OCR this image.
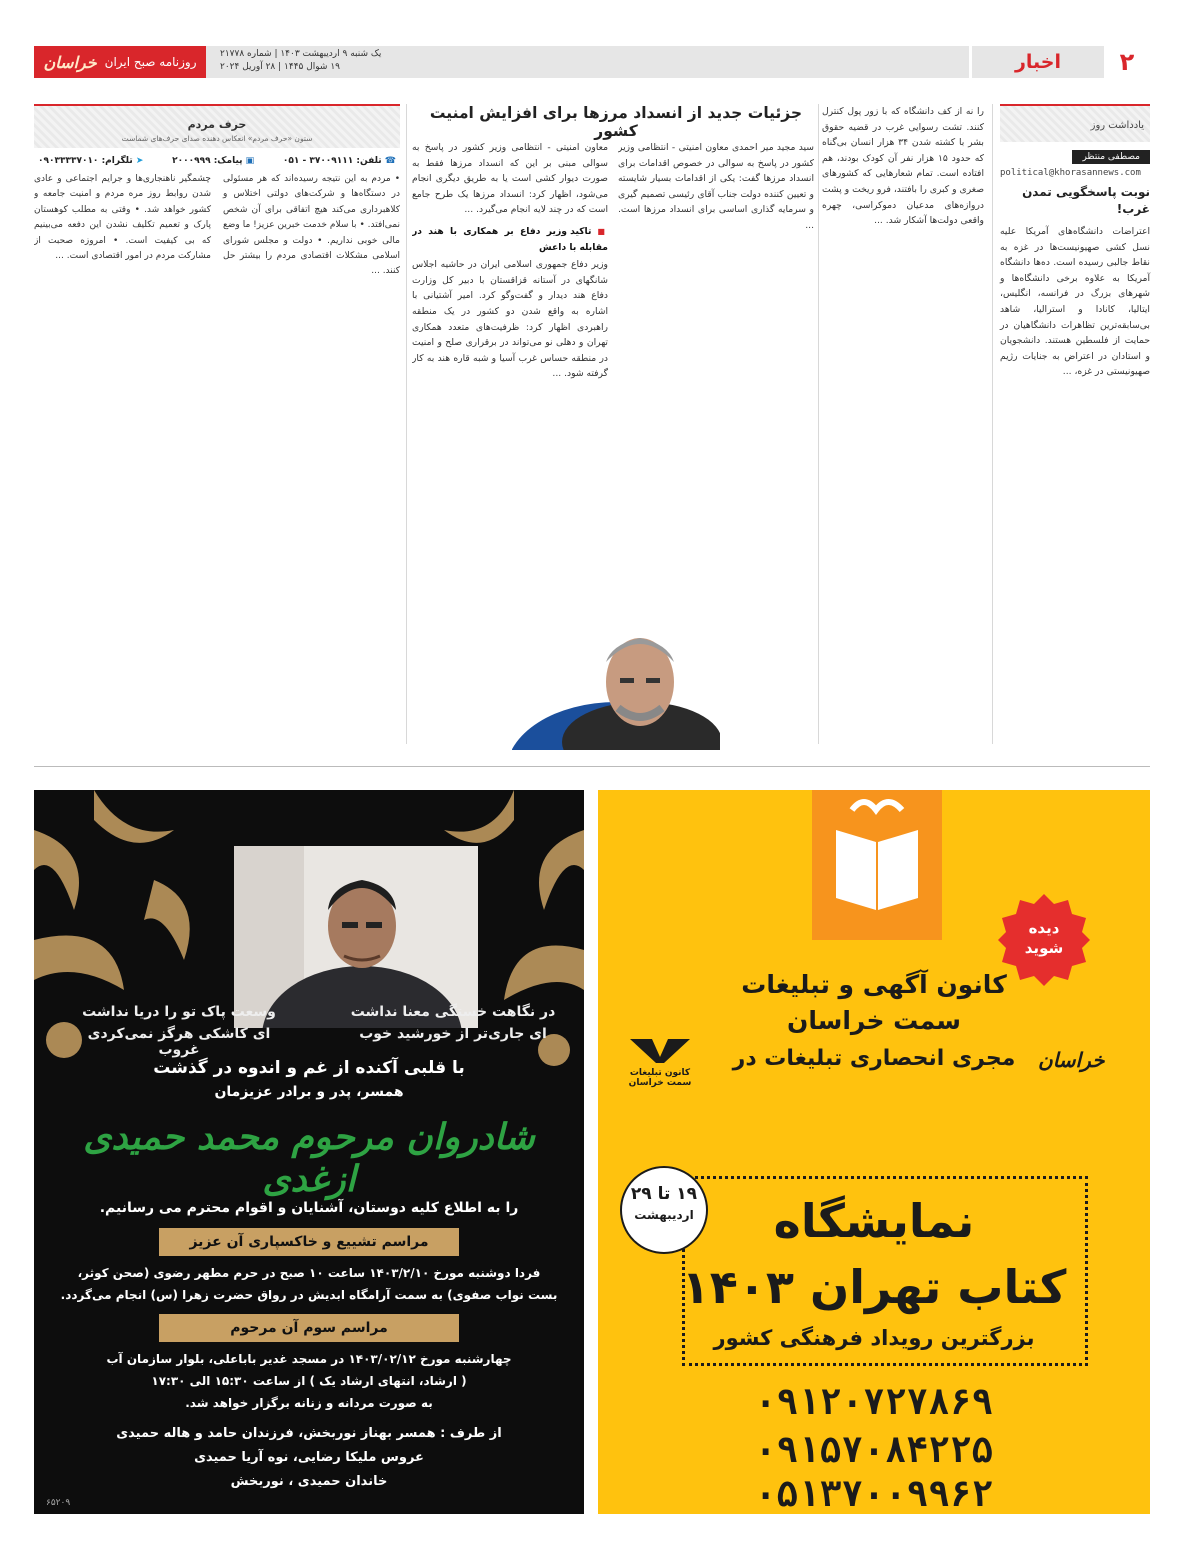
خراسان روزنامه صبح ایران
یک شنبه ۹ اردیبهشت ۱۴۰۳ | شماره ۲۱۷۷۸
۱۹ شوال ۱۴۴۵ | ۲۸ آوریل ۲۰۲۴	اخبار	۲
یادداشت روز
مصطفی منتظر
political@khorasannews.com
نوبت پاسخگویی تمدن غرب!
اعتراضات دانشگاه‌های آمریکا علیه نسل کشی صهیونیست‌ها در غزه به نقاط جالبی رسیده است. ده‌ها دانشگاه آمریکا به علاوه برخی دانشگاه‌ها و شهرهای بزرگ در فرانسه، انگلیس، ایتالیا، کانادا و استرالیا، شاهد بی‌سابقه‌ترین تظاهرات دانشگاهیان در حمایت از فلسطین هستند. دانشجویان و استادان در اعتراض به جنایات رژیم صهیونیستی در غزه، ...
را نه از کف دانشگاه که با زور پول کنترل کنند. تشت رسوایی غرب در قضیه حقوق بشر با کشته شدن ۳۴ هزار انسان بی‌گناه که حدود ۱۵ هزار نفر آن کودک بودند، هم افتاده است. تمام شعارهایی که کشورهای صغری و کبری را بافتند، فرو ریخت و پشت دروازه‌های مدعیان دموکراسی، چهره واقعی دولت‌ها آشکار شد. ...
جزئیات جدید از انسداد مرزها برای افزایش امنیت کشور
سید مجید میر احمدی معاون امنیتی - انتظامی وزیر کشور در پاسخ به سوالی در خصوص اقدامات برای انسداد مرزها گفت: یکی از اقدامات بسیار شایسته و تعیین کننده دولت جناب آقای رئیسی تصمیم گیری و سرمایه گذاری اساسی برای انسداد مرزها است. ...
معاون امنیتی - انتظامی وزیر کشور در پاسخ به سوالی مبنی بر این که انسداد مرزها فقط به صورت دیوار کشی است یا به طریق دیگری انجام می‌شود، اظهار کرد: انسداد مرزها یک طرح جامع است که در چند لایه انجام می‌گیرد. ...
■ تاکید وزیر دفاع بر همکاری با هند در مقابله با داعش
وزیر دفاع جمهوری اسلامی ایران در حاشیه اجلاس شانگهای در آستانه قزاقستان با دبیر کل وزارت دفاع هند دیدار و گفت‌وگو کرد. امیر آشتیانی با اشاره به واقع شدن دو کشور در یک منطقه راهبردی اظهار کرد: ظرفیت‌های متعدد همکاری تهران و دهلی نو می‌تواند در برقراری صلح و امنیت در منطقه حساس غرب آسیا و شبه قاره هند به کار گرفته شود. ...
حرف مردم
ستون «حرف مردم» انعکاس دهنده صدای حرف‌های شماست
☎ تلفن: ۳۷۰۰۹۱۱۱ - ۰۵۱
▣ پیامک: ۲۰۰۰۹۹۹
➤ تلگرام: ۰۹۰۳۳۳۳۷۰۱۰
• مردم به این نتیجه رسیده‌اند که هر مسئولی در دستگاه‌ها و شرکت‌های دولتی اختلاس و کلاهبرداری می‌کند هیچ اتفاقی برای آن شخص نمی‌افتد. • با سلام خدمت خبرین عزیز! ما وضع مالی خوبی نداریم. • دولت و مجلس شورای اسلامی مشکلات اقتصادی مردم را بیشتر حل کنند. ...
چشمگیر ناهنجاری‌ها و جرایم اجتماعی و عادی شدن روابط روز مره مردم و امنیت جامعه و کشور خواهد شد. • وقتی به مطلب کوهستان پارک و تعمیم تکلیف نشدن این دفعه می‌بینیم که بی کیفیت است. • امروزه صحبت از مشارکت مردم در امور اقتصادی است. ...
در نگاهت خستگی معنا نداشت
ای جاری‌تر از خورشید خوب
وسعت پاک تو را دریا نداشت
ای کاشکی هرگز نمی‌کردی غروب
با قلبی آکنده از غم و اندوه در گذشت
همسر، پدر و برادر عزیزمان
شادروان مرحوم محمد حمیدی ازغدی
را به اطلاع کلیه دوستان، آشنایان و اقوام محترم می رسانیم.
مراسم تشییع و خاکسپاری آن عزیز
فردا دوشنبه مورخ ۱۴۰۳/۲/۱۰ ساعت ۱۰ صبح در حرم مطهر رضوی (صحن کوثر،
بست نواب صفوی) به سمت آرامگاه ابدیش در رواق حضرت زهرا (س) انجام می‌گردد.
مراسم سوم آن مرحوم
چهارشنبه مورخ ۱۴۰۳/۰۲/۱۲ در مسجد غدیر باباعلی، بلوار سازمان آب
( ارشاد، انتهای ارشاد یک ) از ساعت ۱۵:۳۰ الی ۱۷:۳۰
به صورت مردانه و زنانه برگزار خواهد شد.
از طرف : همسر بهناز نوربخش، فرزندان حامد و هاله حمیدی
عروس ملیکا رضایی، نوه آریا حمیدی
خاندان حمیدی ، نوربخش
۶۵۲۰۹
دیده
شوید
کانون آگهی و تبلیغات
سمت خراسان
مجری انحصاری تبلیغات در	خراسان
کانون تبلیغات
سمت خراسان
۱۹ تا ۲۹
اردیبهشت	نمایشگاه
کتاب تهران ۱۴۰۳
بزرگترین رویداد فرهنگی کشور
۰۹۱۲۰۷۲۷۸۶۹
۰۹۱۵۷۰۸۴۲۲۵
۰۵۱۳۷۰۰۹۹۶۲
